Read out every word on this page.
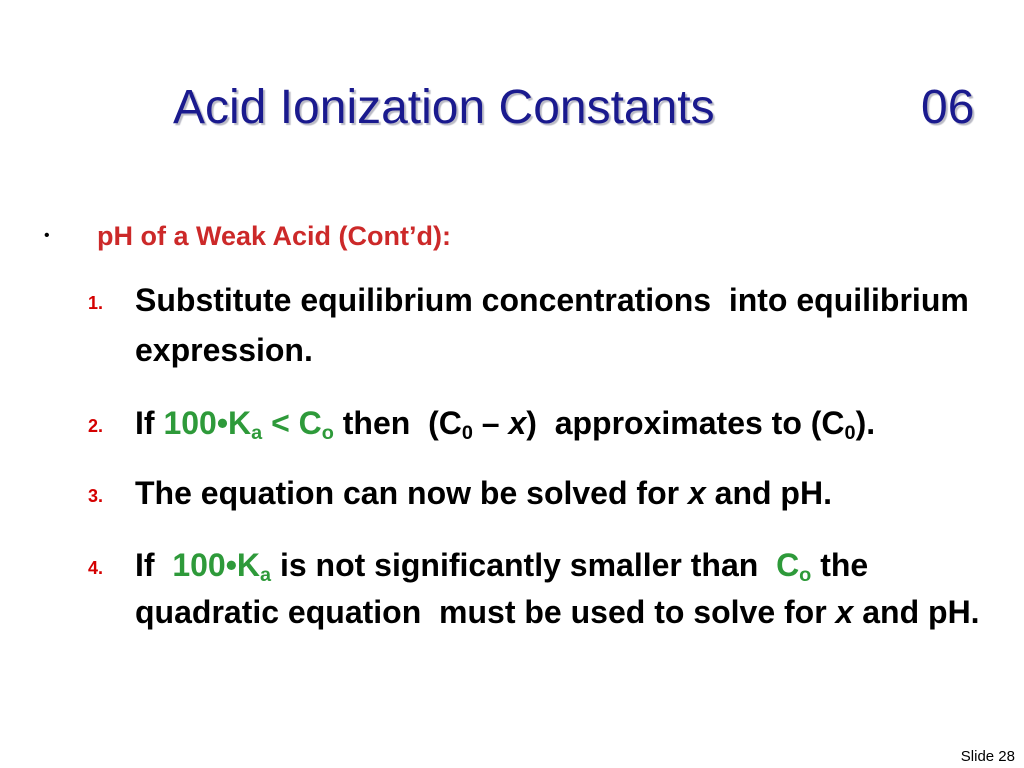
Acid Ionization Constants	06
• pH of a Weak Acid (Cont’d):
1. Substitute equilibrium concentrations  into equilibrium
expression.
2. If $100•K_a < C_o$ then  $(C_0 - x)$  approximates to $(C_0)$.
3. The equation can now be solved for x and pH.
4. If  $100•K_a$ is not significantly smaller than  $C_o$ the
quadratic equation  must be used to solve for x and pH.
Slide 28
